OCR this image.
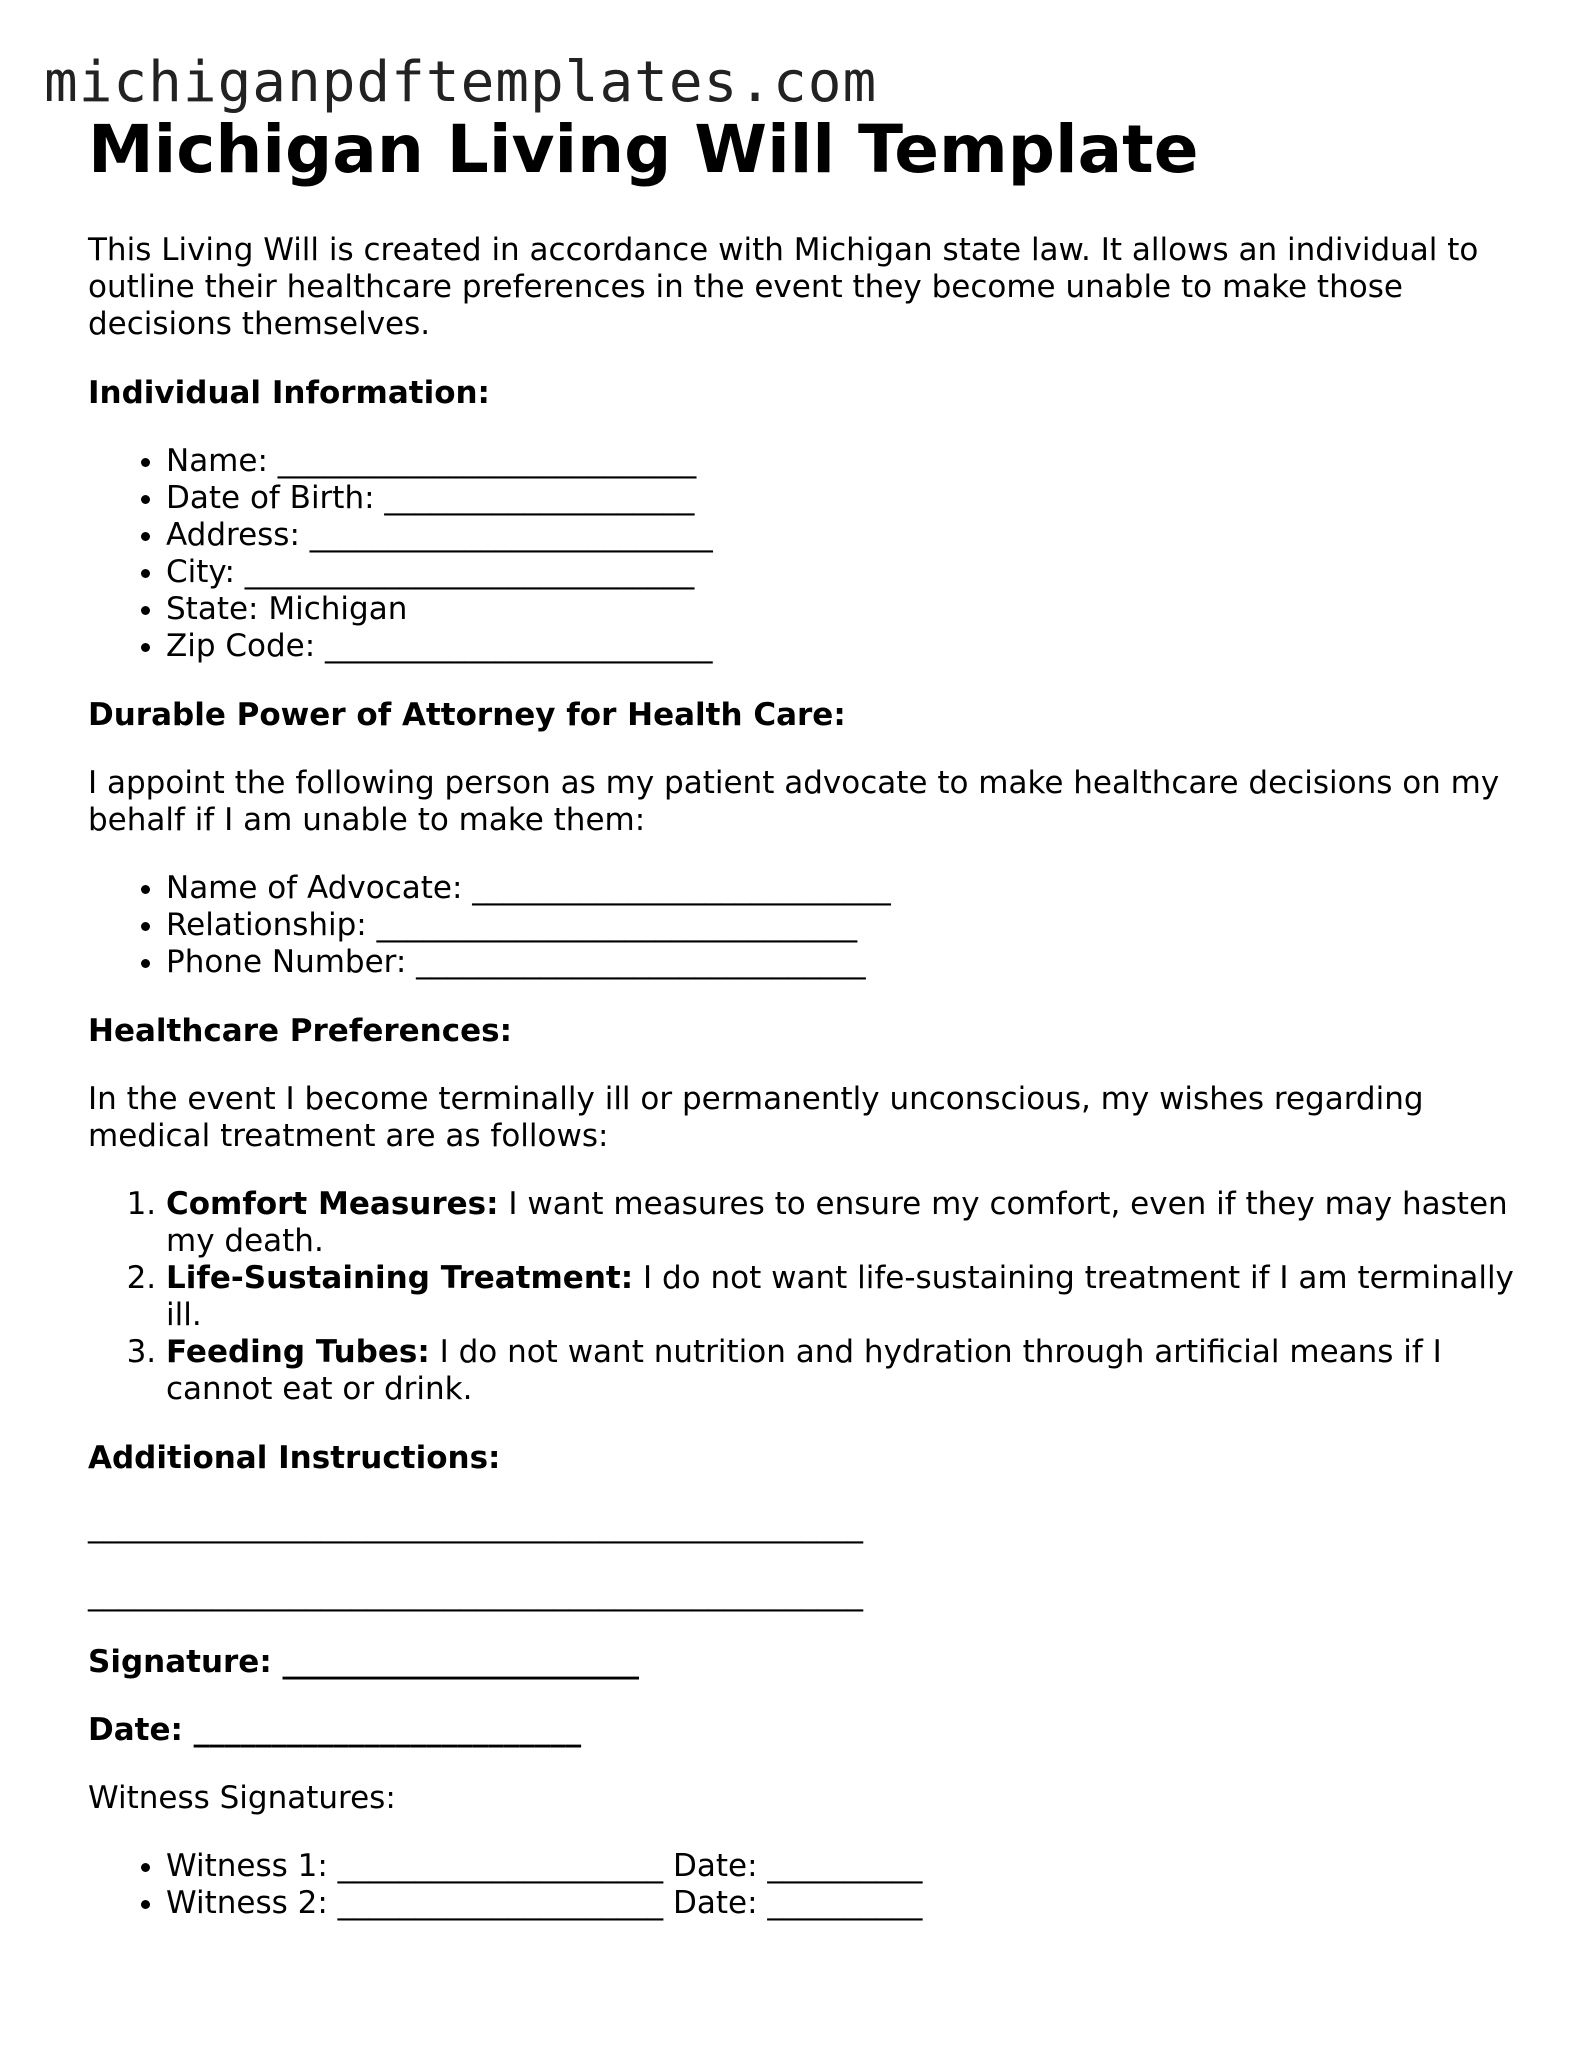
michiganpdftemplates.com
Michigan Living Will Template

This Living Will is created in accordance with Michigan state law. It allows an individual to outline their healthcare preferences in the event they become unable to make those decisions themselves.

Individual Information:

• Name: ___________________________
• Date of Birth: ____________________
• Address: __________________________
• City: _____________________________
• State: Michigan
• Zip Code: _________________________

Durable Power of Attorney for Health Care:

I appoint the following person as my patient advocate to make healthcare decisions on my behalf if I am unable to make them:

• Name of Advocate: ___________________________
• Relationship: _______________________________
• Phone Number: _____________________________

Healthcare Preferences:

In the event I become terminally ill or permanently unconscious, my wishes regarding medical treatment are as follows:

1. Comfort Measures: I want measures to ensure my comfort, even if they may hasten my death.
2. Life-Sustaining Treatment: I do not want life-sustaining treatment if I am terminally ill.
3. Feeding Tubes: I do not want nutrition and hydration through artificial means if I cannot eat or drink.

Additional Instructions:

__________________________________________________

__________________________________________________

Signature: _______________________

Date: _________________________

Witness Signatures:

• Witness 1: _____________________ Date: __________
• Witness 2: _____________________ Date: __________
